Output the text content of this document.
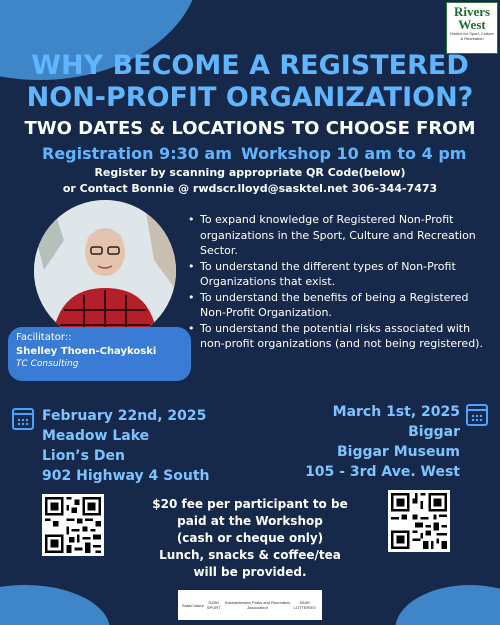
Rivers
West
District for Sport, Culture & Recreation
WHY BECOME A REGISTERED
NON-PROFIT ORGANIZATION?
TWO DATES & LOCATIONS TO CHOOSE FROM
Registration 9:30 am Workshop 10 am to 4 pm
Register by scanning appropriate QR Code(below)
or Contact Bonnie @ rwdscr.lloyd@sasktel.net 306-344-7473
Facilitator::
Shelley Thoen-Chaykoski
TC Consulting
• To expand knowledge of Registered Non-Profit organizations in the Sport, Culture and Recreation Sector.
• To understand the different types of Non-Profit Organizations that exist.
• To understand the benefits of being a Registered Non-Profit Organization.
• To understand the potential risks associated with non-profit organizations (and not being registered).
February 22nd, 2025
Meadow Lake
Lion’s Den
902 Highway 4 South
March 1st, 2025
Biggar
Biggar Museum
105 - 3rd Ave. West
$20 fee per participant to be
paid at the Workshop
(cash or cheque only)
Lunch, snacks & coffee/tea
will be provided.
SaskCulture	SASK SPORT
Saskatchewan Parks and Recreation Association
SASK LOTTERIES
